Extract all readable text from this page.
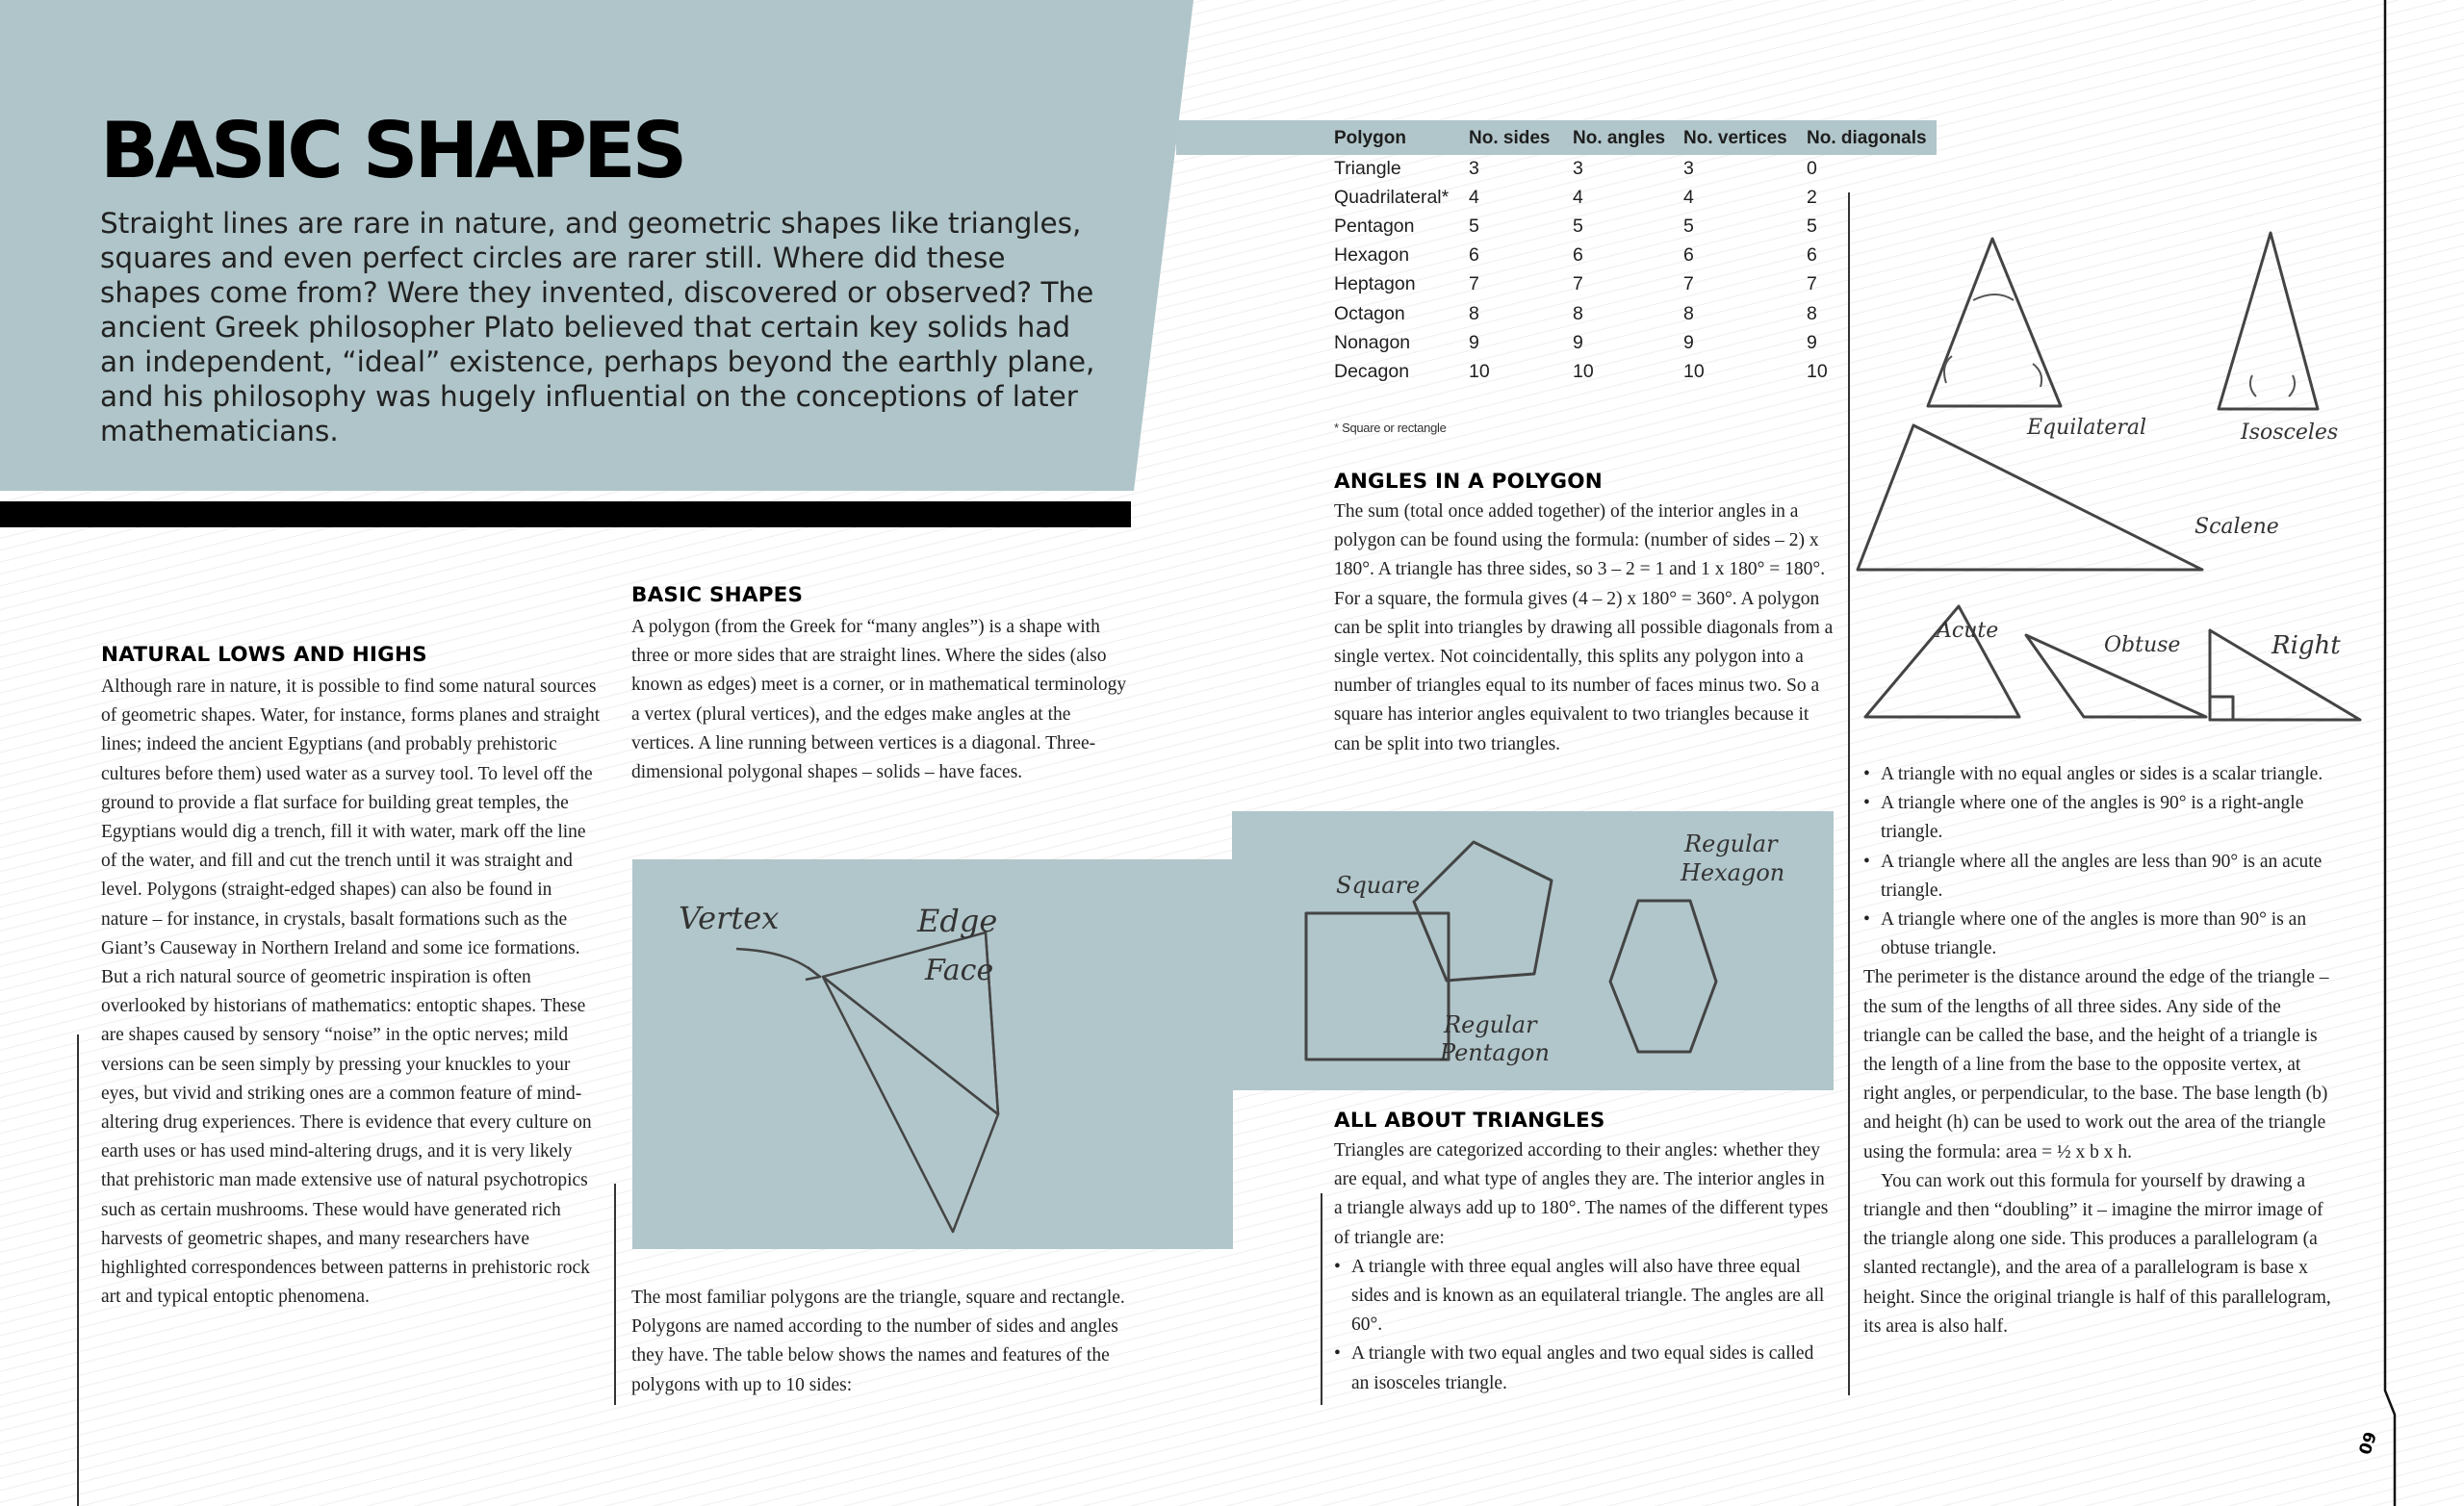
BASIC SHAPES

Straight lines are rare in nature, and geometric shapes like triangles, squares and even perfect circles are rarer still. Where did these shapes come from? Were they invented, discovered or observed? The ancient Greek philosopher Plato believed that certain key solids had an independent, “ideal” existence, perhaps beyond the earthly plane, and his philosophy was hugely influential on the conceptions of later mathematicians.

NATURAL LOWS AND HIGHS

Although rare in nature, it is possible to find some natural sources of geometric shapes. Water, for instance, forms planes and straight lines; indeed the ancient Egyptians (and probably prehistoric cultures before them) used water as a survey tool. To level off the ground to provide a flat surface for building great temples, the Egyptians would dig a trench, fill it with water, mark off the line of the water, and fill and cut the trench until it was straight and level. Polygons (straight-edged shapes) can also be found in nature – for instance, in crystals, basalt formations such as the Giant’s Causeway in Northern Ireland and some ice formations. But a rich natural source of geometric inspiration is often overlooked by historians of mathematics: entoptic shapes. These are shapes caused by sensory “noise” in the optic nerves; mild versions can be seen simply by pressing your knuckles to your eyes, but vivid and striking ones are a common feature of mind-altering drug experiences. There is evidence that every culture on earth uses or has used mind-altering drugs, and it is very likely that prehistoric man made extensive use of natural psychotropics such as certain mushrooms. These would have generated rich harvests of geometric shapes, and many researchers have highlighted correspondences between patterns in prehistoric rock art and typical entoptic phenomena.

BASIC SHAPES

A polygon (from the Greek for “many angles”) is a shape with three or more sides that are straight lines. Where the sides (also known as edges) meet is a corner, or in mathematical terminology a vertex (plural vertices), and the edges make angles at the vertices. A line running between vertices is a diagonal. Three-dimensional polygonal shapes – solids – have faces.

Vertex	Edge
Face

The most familiar polygons are the triangle, square and rectangle. Polygons are named according to the number of sides and angles they have. The table below shows the names and features of the polygons with up to 10 sides:

Polygon	No. sides	No. angles	No. vertices	No. diagonals
Triangle	3	3	3	0
Quadrilateral*	4	4	4	2
Pentagon	5	5	5	5
Hexagon	6	6	6	6
Heptagon	7	7	7	7
Octagon	8	8	8	8
Nonagon	9	9	9	9
Decagon	10	10	10	10
* Square or rectangle
ANGLES IN A POLYGON

The sum (total once added together) of the interior angles in a polygon can be found using the formula: (number of sides – 2) x 180°. A triangle has three sides, so 3 – 2 = 1 and 1 x 180° = 180°. For a square, the formula gives (4 – 2) x 180° = 360°. A polygon can be split into triangles by drawing all possible diagonals from a single vertex. Not coincidentally, this splits any polygon into a number of triangles equal to its number of faces minus two. So a square has interior angles equivalent to two triangles because it can be split into two triangles.

Square
Regular
Pentagon
Regular
Hexagon
ALL ABOUT TRIANGLES

Triangles are categorized according to their angles: whether they are equal, and what type of angles they are. The interior angles in a triangle always add up to 180°. The names of the different types of triangle are:

• A triangle with three equal angles will also have three equal sides and is known as an equilateral triangle. The angles are all 60°.
• A triangle with two equal angles and two equal sides is called an isosceles triangle.
Equilateral	Isosceles
Scalene
Acute
Obtuse	Right
• A triangle with no equal angles or sides is a scalar triangle.
• A triangle where one of the angles is 90° is a right-angle triangle.
• A triangle where all the angles are less than 90° is an acute triangle.
• A triangle where one of the angles is more than 90° is an obtuse triangle.

The perimeter is the distance around the edge of the triangle – the sum of the lengths of all three sides. Any side of the triangle can be called the base, and the height of a triangle is the length of a line from the base to the opposite vertex, at right angles, or perpendicular, to the base. The base length (b) and height (h) can be used to work out the area of the triangle using the formula: area = ½ x b x h.

You can work out this formula for yourself by drawing a triangle and then “doubling” it – imagine the mirror image of the triangle along one side. This produces a parallelogram (a slanted rectangle), and the area of a parallelogram is base x height. Since the original triangle is half of this parallelogram, its area is also half.

09
